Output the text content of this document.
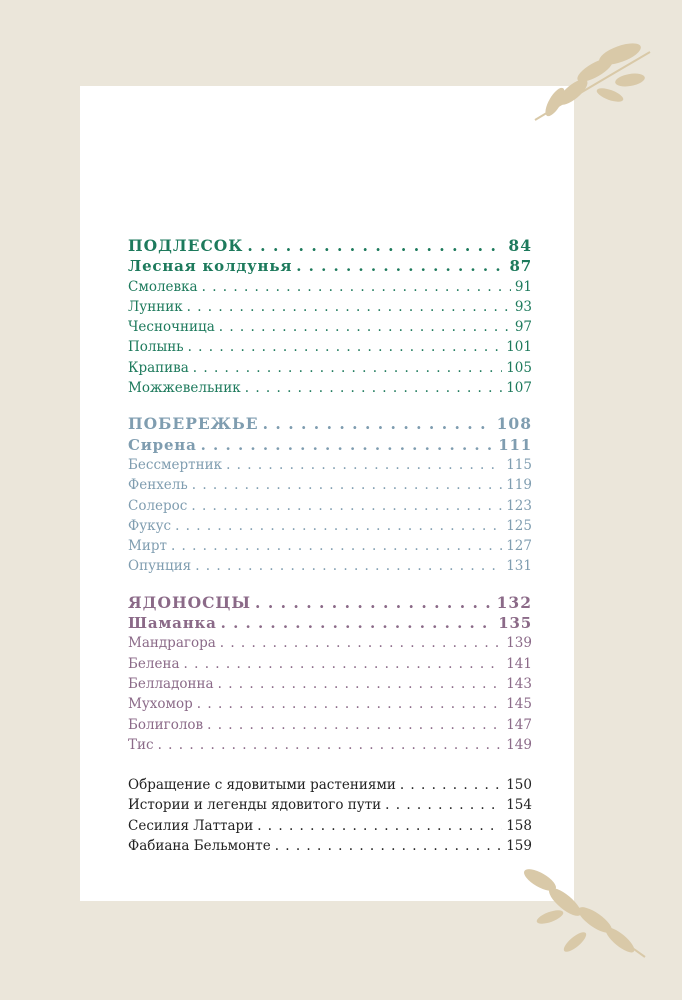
ПОДЛЕСОК . . .	84
Лесная колдунья . . .	87
Смолевка . . .	91
Лунник . . .	93
Чесночница . . .	97
Полынь . . .	101
Крапива . . .	105
Можжевельник . . .	107
ПОБЕРЕЖЬЕ . . .	108
Сирена . . .	111
Бессмертник . . .	115
Фенхель . . .	119
Солерос . . .	123
Фукус . . .	125
Мирт . . .	127
Опунция . . .	131
ЯДОНОСЦЫ . . .	132
Шаманка . . .	135
Мандрагора . . .	139
Белена . . .	141
Белладонна . . .	143
Мухомор . . .	145
Болиголов . . .	147
Тис . . .	149
Обращение с ядовитыми растениями . . .	150
Истории и легенды ядовитого пути . . .	154
Сесилия Латтари . . .	158
Фабиана Бельмонте . . .	159
